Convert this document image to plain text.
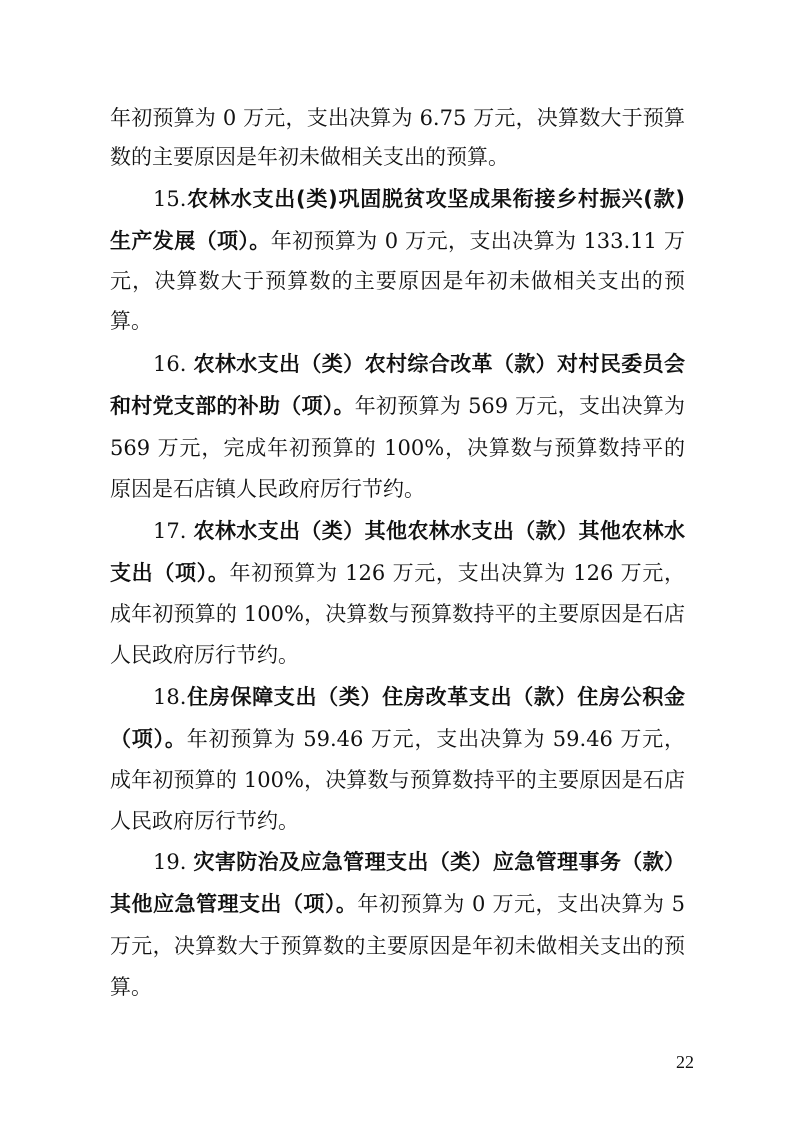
年初预算为 0 万元，支出决算为 6.75 万元，决算数大于预算
数的主要原因是年初未做相关支出的预算。
15.农林水支出(类)巩固脱贫攻坚成果衔接乡村振兴(款)
生产发展（项）。年初预算为 0 万元，支出决算为 133.11 万
元，决算数大于预算数的主要原因是年初未做相关支出的预
算。
16. 农林水支出（类）农村综合改革（款）对村民委员会
和村党支部的补助（项）。年初预算为 569 万元，支出决算为
569 万元，完成年初预算的 100%，决算数与预算数持平的
原因是石店镇人民政府厉行节约。
17. 农林水支出（类）其他农林水支出（款）其他农林水
支出（项）。年初预算为 126 万元，支出决算为 126 万元，
成年初预算的 100%，决算数与预算数持平的主要原因是石店
人民政府厉行节约。
18.住房保障支出（类）住房改革支出（款）住房公积金
（项）。年初预算为 59.46 万元，支出决算为 59.46 万元，
成年初预算的 100%，决算数与预算数持平的主要原因是石店
人民政府厉行节约。
19. 灾害防治及应急管理支出（类）应急管理事务（款）
其他应急管理支出（项）。年初预算为 0 万元，支出决算为 5
万元，决算数大于预算数的主要原因是年初未做相关支出的预
算。
22
